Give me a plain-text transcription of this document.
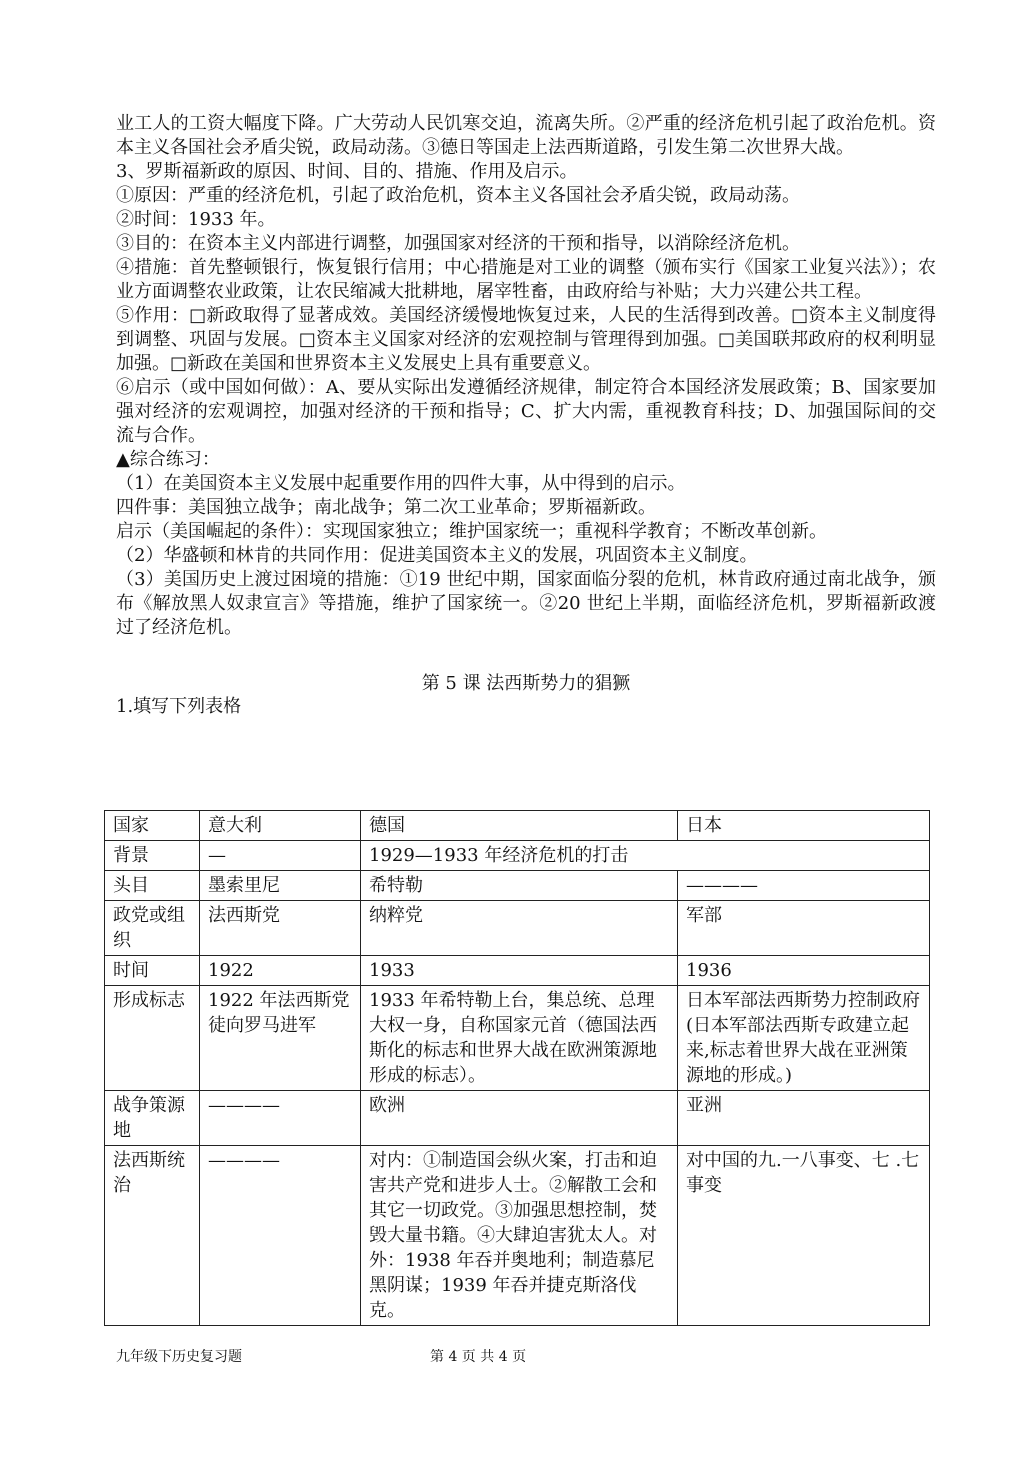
业工人的工资大幅度下降。广大劳动人民饥寒交迫，流离失所。②严重的经济危机引起了政治危机。资本主义各国社会矛盾尖锐，政局动荡。③德日等国走上法西斯道路，引发生第二次世界大战。

3、罗斯福新政的原因、时间、目的、措施、作用及启示。

①原因：严重的经济危机，引起了政治危机，资本主义各国社会矛盾尖锐，政局动荡。

②时间：1933 年。

③目的：在资本主义内部进行调整，加强国家对经济的干预和指导，以消除经济危机。

④措施：首先整顿银行，恢复银行信用；中心措施是对工业的调整（颁布实行《国家工业复兴法》）；农业方面调整农业政策，让农民缩减大批耕地，屠宰牲畜，由政府给与补贴；大力兴建公共工程。

⑤作用：□新政取得了显著成效。美国经济缓慢地恢复过来，人民的生活得到改善。□资本主义制度得到调整、巩固与发展。□资本主义国家对经济的宏观控制与管理得到加强。□美国联邦政府的权利明显加强。□新政在美国和世界资本主义发展史上具有重要意义。

⑥启示（或中国如何做）：A、要从实际出发遵循经济规律，制定符合本国经济发展政策；B、国家要加强对经济的宏观调控，加强对经济的干预和指导；C、扩大内需，重视教育科技；D、加强国际间的交流与合作。

▲综合练习：

（1）在美国资本主义发展中起重要作用的四件大事，从中得到的启示。

四件事：美国独立战争；南北战争；第二次工业革命；罗斯福新政。

启示（美国崛起的条件）：实现国家独立；维护国家统一；重视科学教育；不断改革创新。

（2）华盛顿和林肯的共同作用：促进美国资本主义的发展，巩固资本主义制度。

（3）美国历史上渡过困境的措施：①19 世纪中期，国家面临分裂的危机，林肯政府通过南北战争，颁布《解放黑人奴隶宣言》等措施，维护了国家统一。②20 世纪上半期，面临经济危机，罗斯福新政渡过了经济危机。

第 5 课 法西斯势力的猖獗

1.填写下列表格

国家	意大利	德国	日本
背景	—	1929—1933 年经济危机的打击	
头目	墨索里尼	希特勒	————
政党或组织	法西斯党	纳粹党	军部
时间	1922	1933	1936
形成标志	1922 年法西斯党徒向罗马进军	1933 年希特勒上台，集总统、总理大权一身，自称国家元首（德国法西斯化的标志和世界大战在欧洲策源地形成的标志）。	日本军部法西斯势力控制政府(日本军部法西斯专政建立起来,标志着世界大战在亚洲策源地的形成。)
战争策源地	————	欧洲	亚洲
法西斯统治	————	对内：①制造国会纵火案，打击和迫害共产党和进步人士。②解散工会和其它一切政党。③加强思想控制，焚毁大量书籍。④大肆迫害犹太人。对外：1938 年吞并奥地利；制造慕尼黑阴谋；1939 年吞并捷克斯洛伐克。	对中国的九.一八事变、七 .七事变
九年级下历史复习题	第 4 页 共 4 页
